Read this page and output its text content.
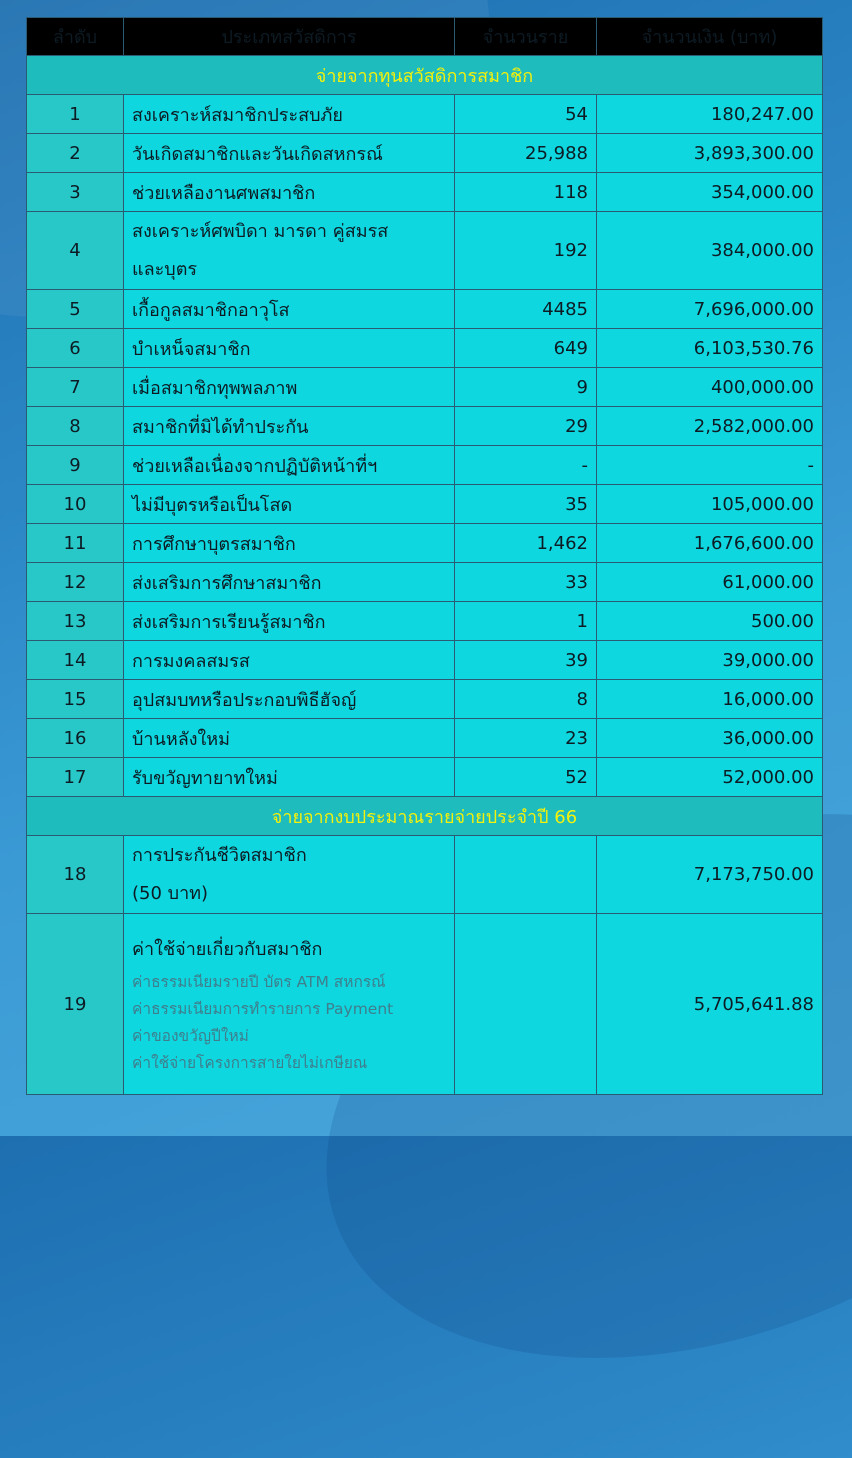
ลำดับ	ประเภทสวัสดิการ	จำนวนราย	จำนวนเงิน (บาท)
จ่ายจากทุนสวัสดิการสมาชิก			
1	สงเคราะห์สมาชิกประสบภัย	54	180,247.00
2	วันเกิดสมาชิกและวันเกิดสหกรณ์	25,988	3,893,300.00
3	ช่วยเหลืองานศพสมาชิก	118	354,000.00
4	สงเคราะห์ศพบิดา มารดา คู่สมรส
และบุตร	192	384,000.00
5	เกื้อกูลสมาชิกอาวุโส	4485	7,696,000.00
6	บำเหน็จสมาชิก	649	6,103,530.76
7	เมื่อสมาชิกทุพพลภาพ	9	400,000.00
8	สมาชิกที่มิได้ทำประกัน	29	2,582,000.00
9	ช่วยเหลือเนื่องจากปฏิบัติหน้าที่ฯ	-	-
10	ไม่มีบุตรหรือเป็นโสด	35	105,000.00
11	การศึกษาบุตรสมาชิก	1,462	1,676,600.00
12	ส่งเสริมการศึกษาสมาชิก	33	61,000.00
13	ส่งเสริมการเรียนรู้สมาชิก	1	500.00
14	การมงคลสมรส	39	39,000.00
15	อุปสมบทหรือประกอบพิธีฮัจญ์	8	16,000.00
16	บ้านหลังใหม่	23	36,000.00
17	รับขวัญทายาทใหม่	52	52,000.00
จ่ายจากงบประมาณรายจ่ายประจำปี 66			
18	การประกันชีวิตสมาชิก
(50 บาท)		7,173,750.00
19	ค่าใช้จ่ายเกี่ยวกับสมาชิก
ค่าธรรมเนียมรายปี บัตร ATM สหกรณ์
ค่าธรรมเนียมการทำรายการ Payment
ค่าของขวัญปีใหม่
ค่าใช้จ่ายโครงการสายใยไม่เกษียณ		5,705,641.88
